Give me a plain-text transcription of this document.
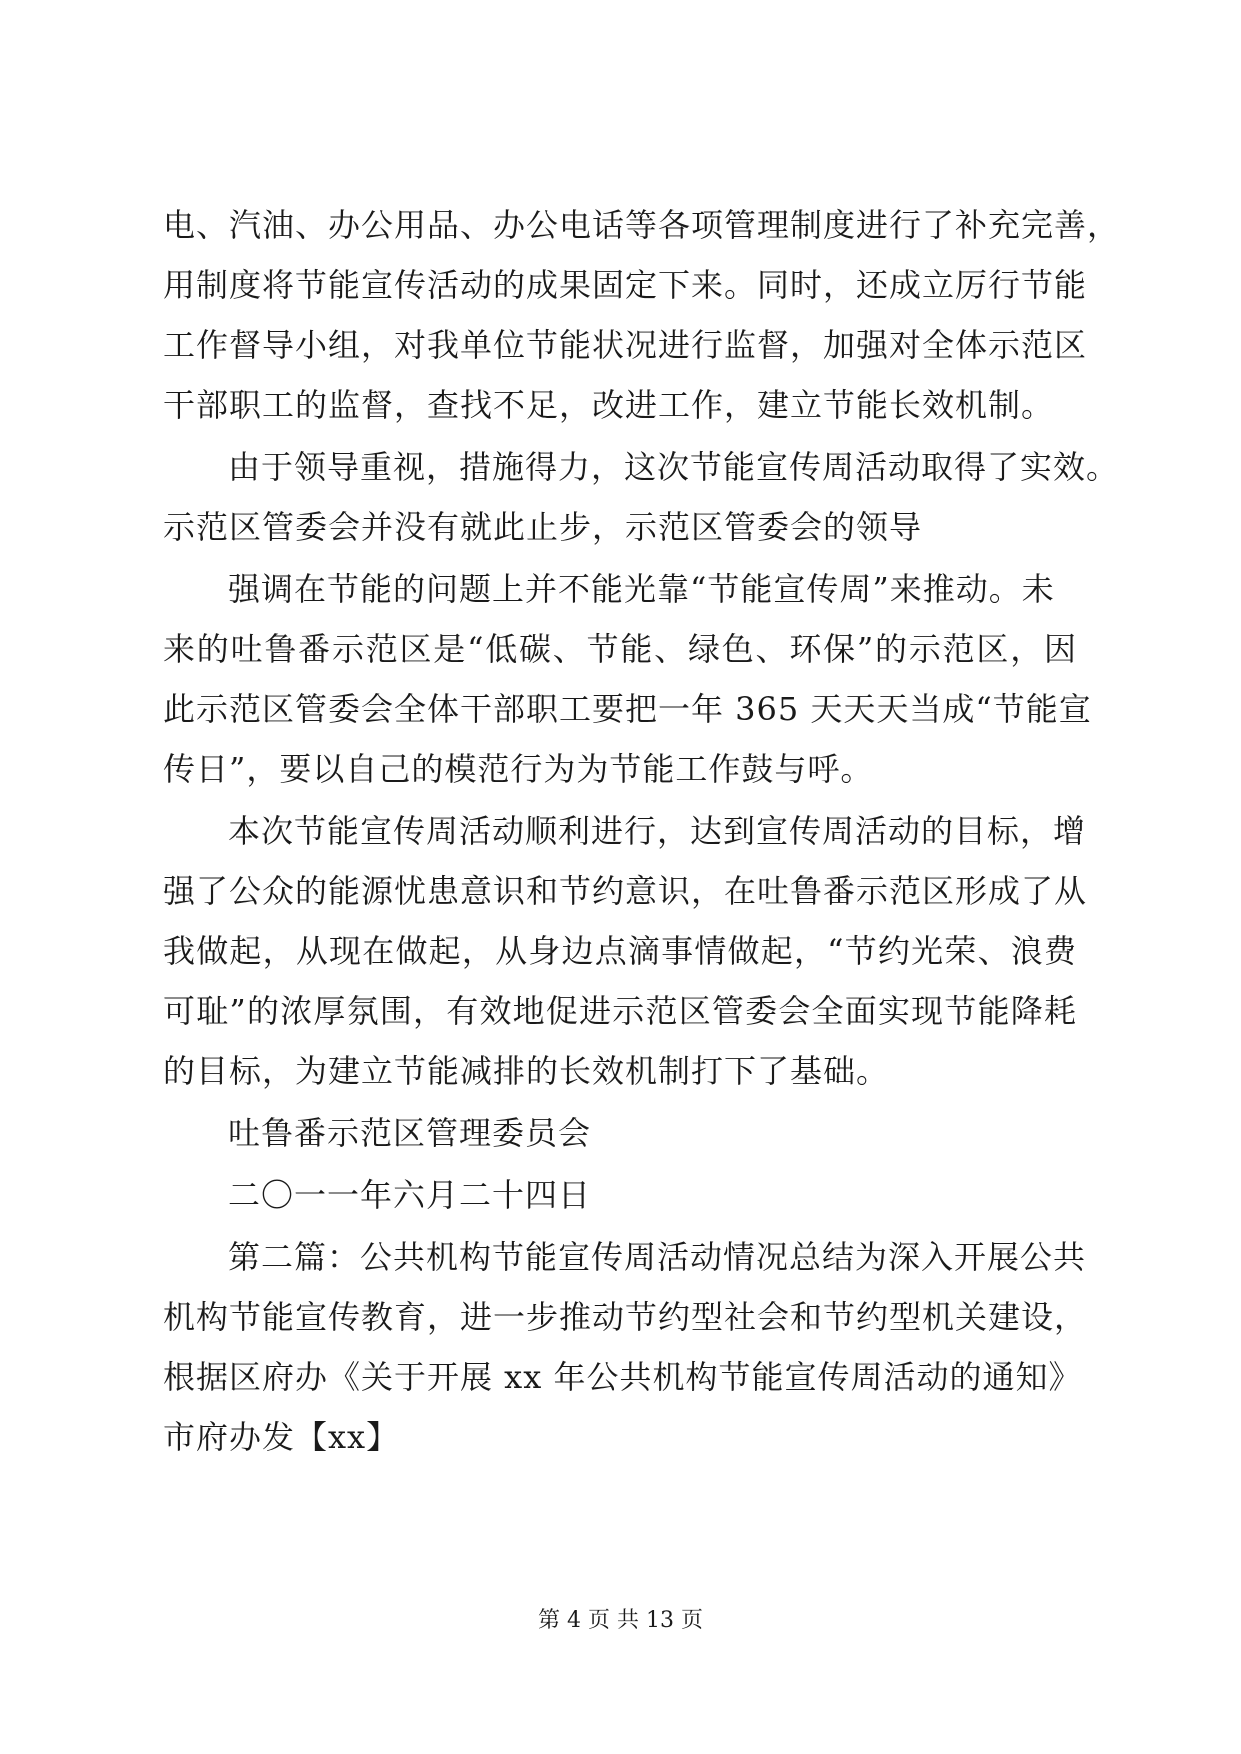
电、汽油、办公用品、办公电话等各项管理制度进行了补充完善，
用制度将节能宣传活动的成果固定下来。同时，还成立厉行节能
工作督导小组，对我单位节能状况进行监督，加强对全体示范区
干部职工的监督，查找不足，改进工作，建立节能长效机制。
由于领导重视，措施得力，这次节能宣传周活动取得了实效。
示范区管委会并没有就此止步，示范区管委会的领导
强调在节能的问题上并不能光靠“节能宣传周”来推动。未
来的吐鲁番示范区是“低碳、节能、绿色、环保”的示范区，因
此示范区管委会全体干部职工要把一年 365 天天天当成“节能宣
传日”，要以自己的模范行为为节能工作鼓与呼。
本次节能宣传周活动顺利进行，达到宣传周活动的目标，增
强了公众的能源忧患意识和节约意识，在吐鲁番示范区形成了从
我做起，从现在做起，从身边点滴事情做起，“节约光荣、浪费
可耻”的浓厚氛围，有效地促进示范区管委会全面实现节能降耗
的目标，为建立节能减排的长效机制打下了基础。
吐鲁番示范区管理委员会
二〇一一年六月二十四日
第二篇：公共机构节能宣传周活动情况总结为深入开展公共
机构节能宣传教育，进一步推动节约型社会和节约型机关建设，
根据区府办《关于开展 xx 年公共机构节能宣传周活动的通知》
市府办发【xx】
第 4 页 共 13 页
